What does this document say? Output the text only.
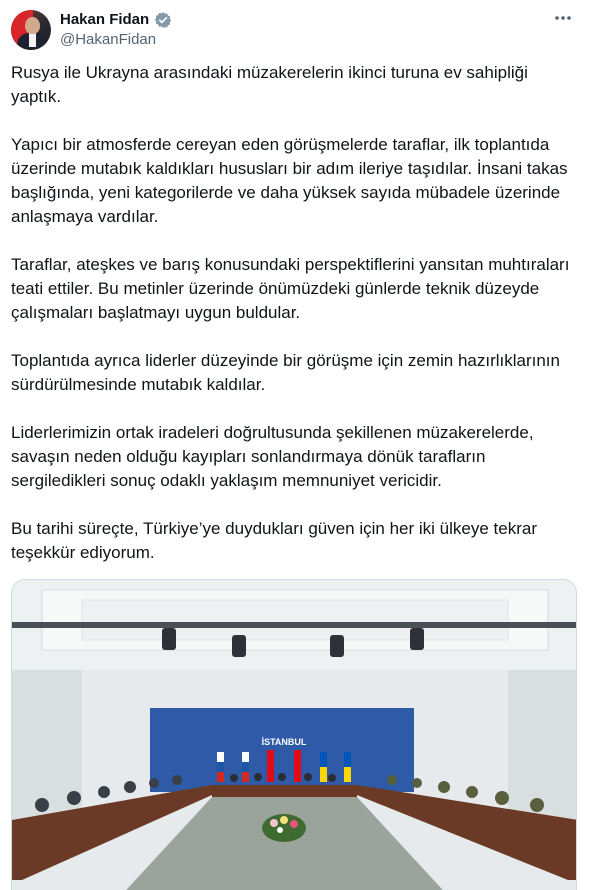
Hakan Fidan
@HakanFidan

Rusya ile Ukrayna arasındaki müzakerelerin ikinci turuna ev sahipliği yaptık.

Yapıcı bir atmosferde cereyan eden görüşmelerde taraflar, ilk toplantıda üzerinde mutabık kaldıkları hususları bir adım ileriye taşıdılar. İnsani takas başlığında, yeni kategorilerde ve daha yüksek sayıda mübadele üzerinde anlaşmaya vardılar.

Taraflar, ateşkes ve barış konusundaki perspektiflerini yansıtan muhtıraları teati ettiler. Bu metinler üzerinde önümüzdeki günlerde teknik düzeyde çalışmaları başlatmayı uygun buldular.

Toplantıda ayrıca liderler düzeyinde bir görüşme için zemin hazırlıklarının sürdürülmesinde mutabık kaldılar.

Liderlerimizin ortak iradeleri doğrultusunda şekillenen müzakerelerde, savaşın neden olduğu kayıpları sonlandırmaya dönük tarafların sergiledikleri sonuç odaklı yaklaşım memnuniyet vericidir.

Bu tarihi süreçte, Türkiye’ye duydukları güven için her iki ülkeye tekrar teşekkür ediyorum.

İSTANBUL
